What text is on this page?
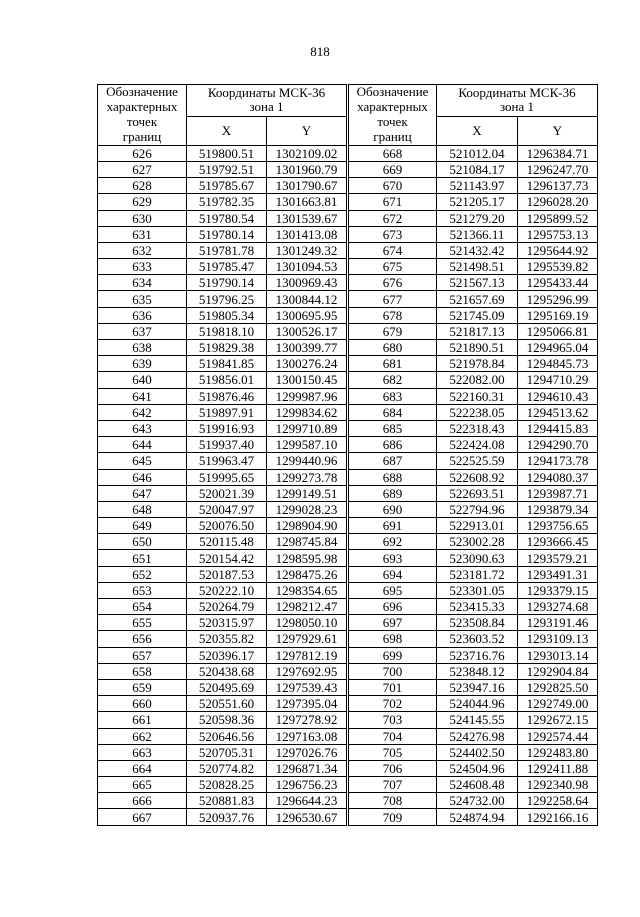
818
Обозначение
характерных
точек
границ	Координаты МСК-36
зона 1	
	X	Y
626	519800.51	1302109.02
627	519792.51	1301960.79
628	519785.67	1301790.67
629	519782.35	1301663.81
630	519780.54	1301539.67
631	519780.14	1301413.08
632	519781.78	1301249.32
633	519785.47	1301094.53
634	519790.14	1300969.43
635	519796.25	1300844.12
636	519805.34	1300695.95
637	519818.10	1300526.17
638	519829.38	1300399.77
639	519841.85	1300276.24
640	519856.01	1300150.45
641	519876.46	1299987.96
642	519897.91	1299834.62
643	519916.93	1299710.89
644	519937.40	1299587.10
645	519963.47	1299440.96
646	519995.65	1299273.78
647	520021.39	1299149.51
648	520047.97	1299028.23
649	520076.50	1298904.90
650	520115.48	1298745.84
651	520154.42	1298595.98
652	520187.53	1298475.26
653	520222.10	1298354.65
654	520264.79	1298212.47
655	520315.97	1298050.10
656	520355.82	1297929.61
657	520396.17	1297812.19
658	520438.68	1297692.95
659	520495.69	1297539.43
660	520551.60	1297395.04
661	520598.36	1297278.92
662	520646.56	1297163.08
663	520705.31	1297026.76
664	520774.82	1296871.34
665	520828.25	1296756.23
666	520881.83	1296644.23
667	520937.76	1296530.67
Обозначение
характерных
точек
границ	Координаты МСК-36
зона 1	
	X	Y
668	521012.04	1296384.71
669	521084.17	1296247.70
670	521143.97	1296137.73
671	521205.17	1296028.20
672	521279.20	1295899.52
673	521366.11	1295753.13
674	521432.42	1295644.92
675	521498.51	1295539.82
676	521567.13	1295433.44
677	521657.69	1295296.99
678	521745.09	1295169.19
679	521817.13	1295066.81
680	521890.51	1294965.04
681	521978.84	1294845.73
682	522082.00	1294710.29
683	522160.31	1294610.43
684	522238.05	1294513.62
685	522318.43	1294415.83
686	522424.08	1294290.70
687	522525.59	1294173.78
688	522608.92	1294080.37
689	522693.51	1293987.71
690	522794.96	1293879.34
691	522913.01	1293756.65
692	523002.28	1293666.45
693	523090.63	1293579.21
694	523181.72	1293491.31
695	523301.05	1293379.15
696	523415.33	1293274.68
697	523508.84	1293191.46
698	523603.52	1293109.13
699	523716.76	1293013.14
700	523848.12	1292904.84
701	523947.16	1292825.50
702	524044.96	1292749.00
703	524145.55	1292672.15
704	524276.98	1292574.44
705	524402.50	1292483.80
706	524504.96	1292411.88
707	524608.48	1292340.98
708	524732.00	1292258.64
709	524874.94	1292166.16
